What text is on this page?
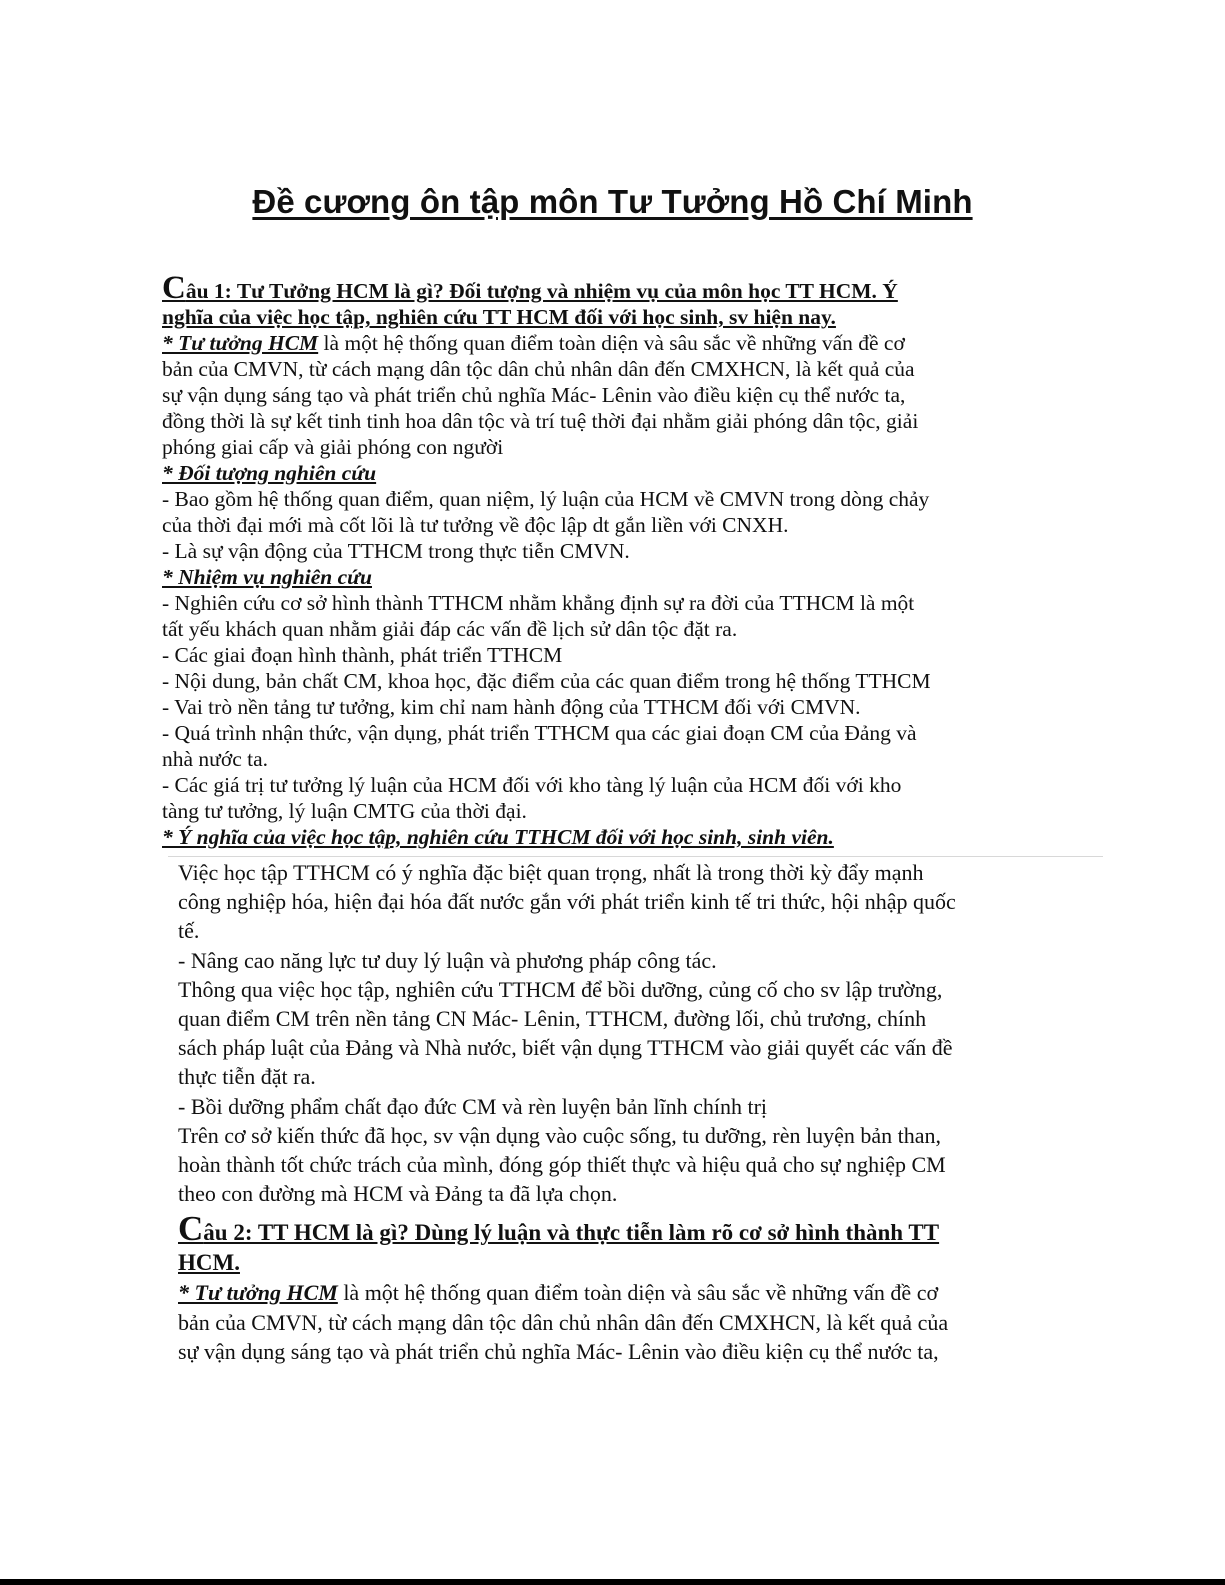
Đề cương ôn tập môn Tư Tưởng Hồ Chí Minh
Câu 1: Tư Tưởng HCM là gì? Đối tượng và nhiệm vụ của môn học TT HCM. Ý
nghĩa của việc học tập, nghiên cứu TT HCM đối với học sinh, sv hiện nay.
* Tư tưởng HCM là một hệ thống quan điểm toàn diện và sâu sắc về những vấn đề cơ
bản của CMVN, từ cách mạng dân tộc dân chủ nhân dân đến CMXHCN, là kết quả của
sự vận dụng sáng tạo và phát triển chủ nghĩa Mác- Lênin vào điều kiện cụ thể nước ta,
đồng thời là sự kết tinh tinh hoa dân tộc và trí tuệ thời đại nhằm giải phóng dân tộc, giải
phóng giai cấp và giải phóng con người
* Đối tượng nghiên cứu
- Bao gồm hệ thống quan điểm, quan niệm, lý luận của HCM về CMVN trong dòng chảy
của thời đại mới mà cốt lõi là tư tưởng về độc lập dt gắn liền với CNXH.
- Là sự vận động của TTHCM trong thực tiễn CMVN.
* Nhiệm vụ nghiên cứu
- Nghiên cứu cơ sở hình thành TTHCM nhằm khẳng định sự ra đời của TTHCM là một
tất yếu khách quan nhằm giải đáp các vấn đề lịch sử dân tộc đặt ra.
- Các giai đoạn hình thành, phát triển TTHCM
- Nội dung, bản chất CM, khoa học, đặc điểm của các quan điểm trong hệ thống TTHCM
- Vai trò nền tảng tư tưởng, kim chỉ nam hành động của TTHCM đối với CMVN.
- Quá trình nhận thức, vận dụng, phát triển TTHCM qua các giai đoạn CM của Đảng và
nhà nước ta.
- Các giá trị tư tưởng lý luận của HCM đối với kho tàng lý luận của HCM đối với kho
tàng tư tưởng, lý luận CMTG của thời đại.
* Ý nghĩa của việc học tập, nghiên cứu TTHCM đối với học sinh, sinh viên.
Việc học tập TTHCM có ý nghĩa đặc biệt quan trọng, nhất là trong thời kỳ đẩy mạnh
công nghiệp hóa, hiện đại hóa đất nước gắn với phát triển kinh tế tri thức, hội nhập quốc
tế.
- Nâng cao năng lực tư duy lý luận và phương pháp công tác.
Thông qua việc học tập, nghiên cứu TTHCM để bồi dưỡng, củng cố cho sv lập trường,
quan điểm CM trên nền tảng CN Mác- Lênin, TTHCM, đường lối, chủ trương, chính
sách pháp luật của Đảng và Nhà nước, biết vận dụng TTHCM vào giải quyết các vấn đề
thực tiễn đặt ra.
- Bồi dưỡng phẩm chất đạo đức CM và rèn luyện bản lĩnh chính trị
Trên cơ sở kiến thức đã học, sv vận dụng vào cuộc sống, tu dưỡng, rèn luyện bản than,
hoàn thành tốt chức trách của mình, đóng góp thiết thực và hiệu quả cho sự nghiệp CM
theo con đường mà HCM và Đảng ta đã lựa chọn.
Câu 2: TT HCM là gì? Dùng lý luận và thực tiễn làm rõ cơ sở hình thành TT
HCM.
* Tư tưởng HCM là một hệ thống quan điểm toàn diện và sâu sắc về những vấn đề cơ
bản của CMVN, từ cách mạng dân tộc dân chủ nhân dân đến CMXHCN, là kết quả của
sự vận dụng sáng tạo và phát triển chủ nghĩa Mác- Lênin vào điều kiện cụ thể nước ta,
